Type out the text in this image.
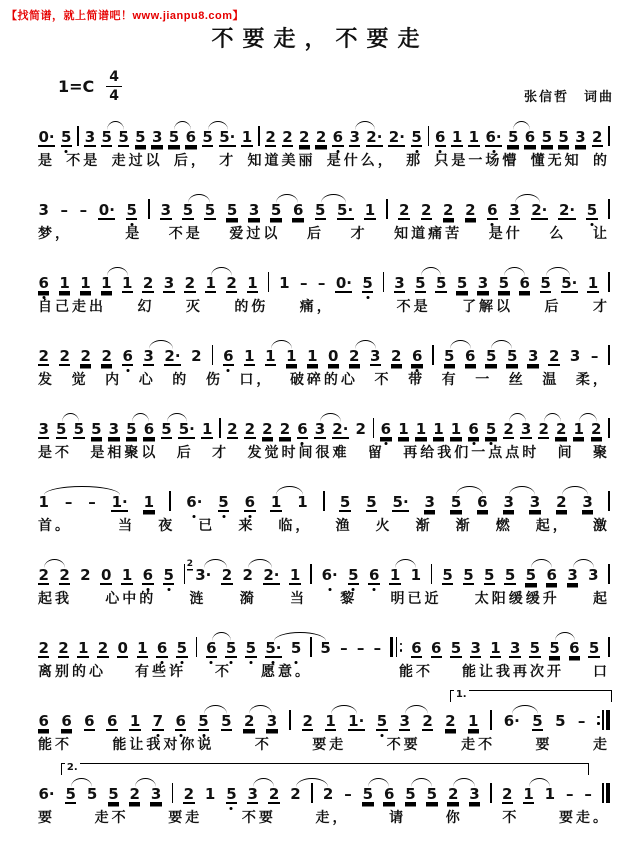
【找简谱，就上简谱吧！www.jianpu8.com】
不要走，不要走
$1=C \frac{4}{4}$	张信哲　词曲
0· 5 3 5 5 5 3 5 6 5 5· 1 2 2 2 2 6 3 2· 2· 5 6 1 1 6· 5 6 5 5 3 2
是 不是 走过以 后， 才 知道美丽 是什么， 那 只是一场懵 懂无知 的
3 – – 0· 5 3 5 5 5 3 5 6 5 5· 1 2 2 2 2 6 3 2· 2· 5
梦，	是 不是 爱过以 后 才 知道痛苦 是什 么 让
6 1 1 1 1 2 3 2 1 2 1 1 – – 0· 5 3 5 5 5 3 5 6 5 5· 1
自己走出 幻 灭 的伤 痛，	不是 了解以 后 才
2 2 2 2 6 3 2· 2 6 1 1 1 1 0 2 3 2 6 5 6 5 5 3 2 3 –
发 觉 内 心 的 伤 口， 破碎的心 不 带 有 一 丝 温 柔，
3 5 5 5 3 5 6 5 5· 1 2 2 2 2 6 3 2· 2 6 1 1 1 1 6 5 2 3 2 2 1 2
是不 是相聚以 后 才 发觉时间很难 留 再给我们一点点时 间 聚
1 – – 1· 1 6· 5 6 1 1 5 5 5· 3 5 6 3 3 2 3
首。	当 夜 已 来 临， 渔 火 渐 渐 燃 起， 激
2 2 2 0 1 6 5
2
3· 2 2 2· 1 6· 5 6 1 1 5 5 5 5 5 6 3 3
起我 心中的 涟 漪 当 黎 明已近 太阳缓缓升 起
2 2 1 2 0 1 6 5 6 5 5 5· 5 5 – – – 6 6 5 3 1 3 5 5 6 5
离别的心 有些许 不 愿意。	能不 能让我再次开 口
1.
6 6 6 6 1 7 6 5 5 2 3 2 1 1· 5 3 2 2 1 6· 5 5 –
能不	能让我对你说	不	要走	不要	走不	要	走
2.
6· 5 5 5 2 3 2 1 5 3 2 2 2 – 5 6 5 5 2 3 2 1 1 – –
要	走不	要走	不要	走，	请	你	不	要走。
